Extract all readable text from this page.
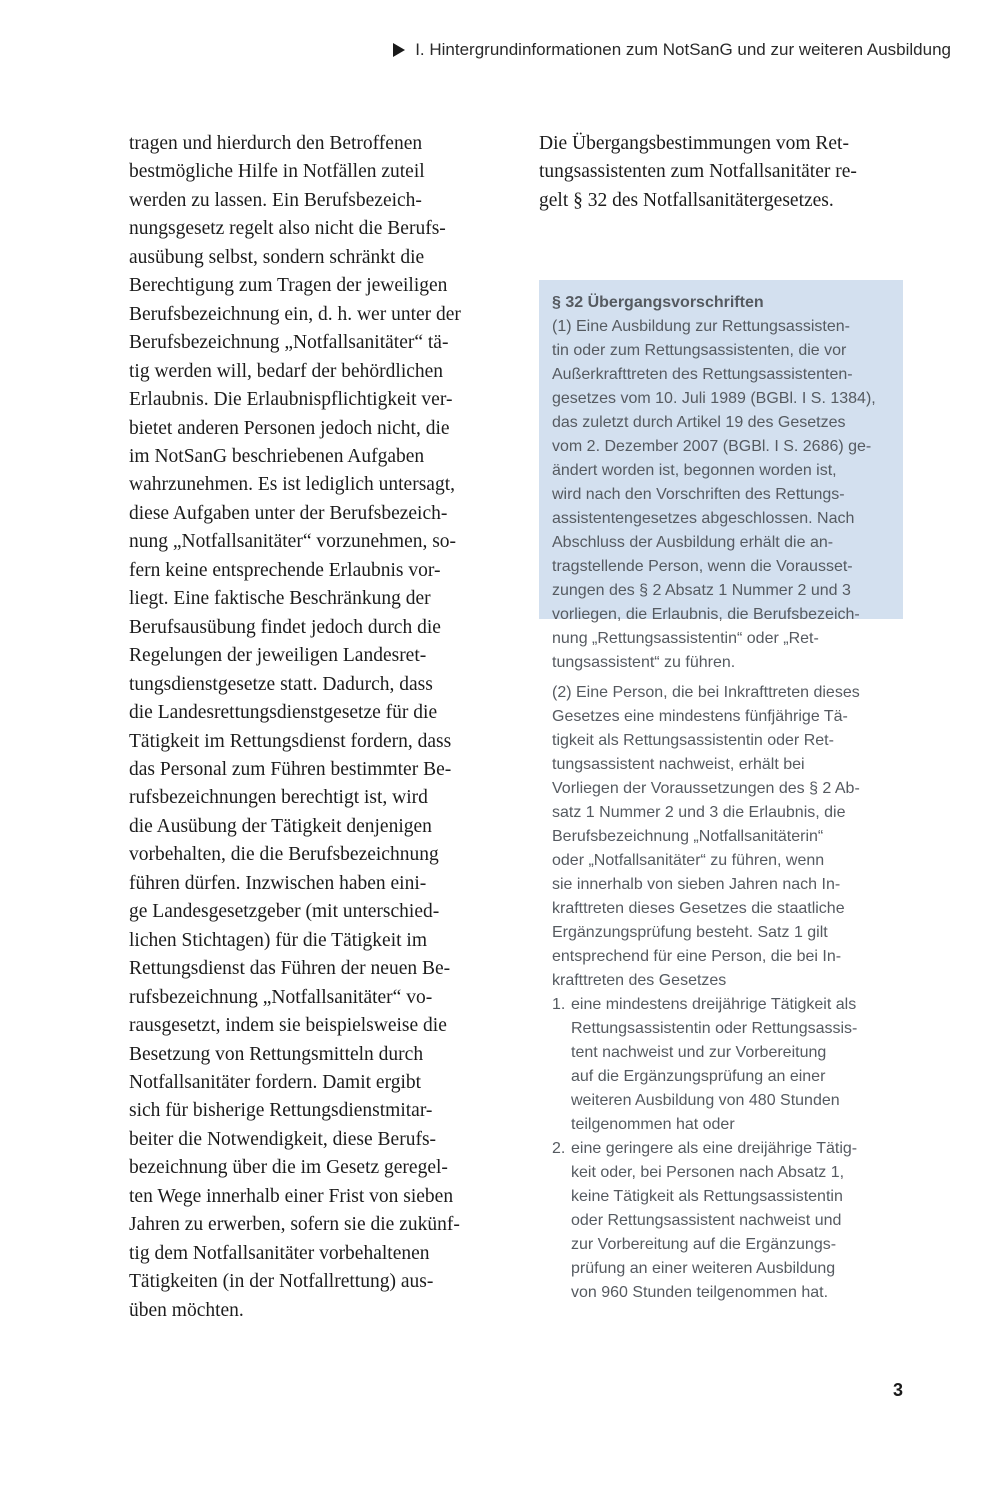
I. Hintergrundinformationen zum NotSanG und zur weiteren Ausbildung
tragen und hierdurch den Betroffenen
bestmögliche Hilfe in Notfällen zuteil
werden zu lassen. Ein Berufsbezeich-
nungsgesetz regelt also nicht die Berufs-
ausübung selbst, sondern schränkt die
Berechtigung zum Tragen der jeweiligen
Berufsbezeichnung ein, d. h. wer unter der
Berufsbezeichnung „Notfallsanitäter“ tä-
tig werden will, bedarf der behördlichen
Erlaubnis. Die Erlaubnispflichtigkeit ver-
bietet anderen Personen jedoch nicht, die
im NotSanG beschriebenen Aufgaben
wahrzunehmen. Es ist lediglich untersagt,
diese Aufgaben unter der Berufsbezeich-
nung „Notfallsanitäter“ vorzunehmen, so-
fern keine entsprechende Erlaubnis vor-
liegt. Eine faktische Beschränkung der
Berufsausübung findet jedoch durch die
Regelungen der jeweiligen Landesret-
tungsdienstgesetze statt. Dadurch, dass
die Landesrettungsdienstgesetze für die
Tätigkeit im Rettungsdienst fordern, dass
das Personal zum Führen bestimmter Be-
rufsbezeichnungen berechtigt ist, wird
die Ausübung der Tätigkeit denjenigen
vorbehalten, die die Berufsbezeichnung
führen dürfen. Inzwischen haben eini-
ge Landesgesetzgeber (mit unterschied-
lichen Stichtagen) für die Tätigkeit im
Rettungsdienst das Führen der neuen Be-
rufsbezeichnung „Notfallsanitäter“ vo-
rausgesetzt, indem sie beispielsweise die
Besetzung von Rettungsmitteln durch
Notfallsanitäter fordern. Damit ergibt
sich für bisherige Rettungsdienstmitar-
beiter die Notwendigkeit, diese Berufs-
bezeichnung über die im Gesetz geregel-
ten Wege innerhalb einer Frist von sieben
Jahren zu erwerben, sofern sie die zukünf-
tig dem Notfallsanitäter vorbehaltenen
Tätigkeiten (in der Notfallrettung) aus-
üben möchten.
Die Übergangsbestimmungen vom Ret-
tungsassistenten zum Notfallsanitäter re-
gelt § 32 des Notfallsanitätergesetzes.
§ 32 Übergangsvorschriften
(1) Eine Ausbildung zur Rettungsassisten-
tin oder zum Rettungsassistenten, die vor
Außerkrafttreten des Rettungsassistenten-
gesetzes vom 10. Juli 1989 (BGBl. I S. 1384),
das zuletzt durch Artikel 19 des Gesetzes
vom 2. Dezember 2007 (BGBl. I S. 2686) ge-
ändert worden ist, begonnen worden ist,
wird nach den Vorschriften des Rettungs-
assistentengesetzes abgeschlossen. Nach
Abschluss der Ausbildung erhält die an-
tragstellende Person, wenn die Vorausset-
zungen des § 2 Absatz 1 Nummer 2 und 3
vorliegen, die Erlaubnis, die Berufsbezeich-
nung „Rettungsassistentin“ oder „Ret-
tungsassistent“ zu führen.
(2) Eine Person, die bei Inkrafttreten dieses
Gesetzes eine mindestens fünfjährige Tä-
tigkeit als Rettungsassistentin oder Ret-
tungsassistent nachweist, erhält bei
Vorliegen der Voraussetzungen des § 2 Ab-
satz 1 Nummer 2 und 3 die Erlaubnis, die
Berufsbezeichnung „Notfallsanitäterin“
oder „Notfallsanitäter“ zu führen, wenn
sie innerhalb von sieben Jahren nach In-
krafttreten dieses Gesetzes die staatliche
Ergänzungsprüfung besteht. Satz 1 gilt
entsprechend für eine Person, die bei In-
krafttreten des Gesetzes
1. eine mindestens dreijährige Tätigkeit als
Rettungsassistentin oder Rettungsassis-
tent nachweist und zur Vorbereitung
auf die Ergänzungsprüfung an einer
weiteren Ausbildung von 480 Stunden
teilgenommen hat oder
2. eine geringere als eine dreijährige Tätig-
keit oder, bei Personen nach Absatz 1,
keine Tätigkeit als Rettungsassistentin
oder Rettungsassistent nachweist und
zur Vorbereitung auf die Ergänzungs-
prüfung an einer weiteren Ausbildung
von 960 Stunden teilgenommen hat.
3
